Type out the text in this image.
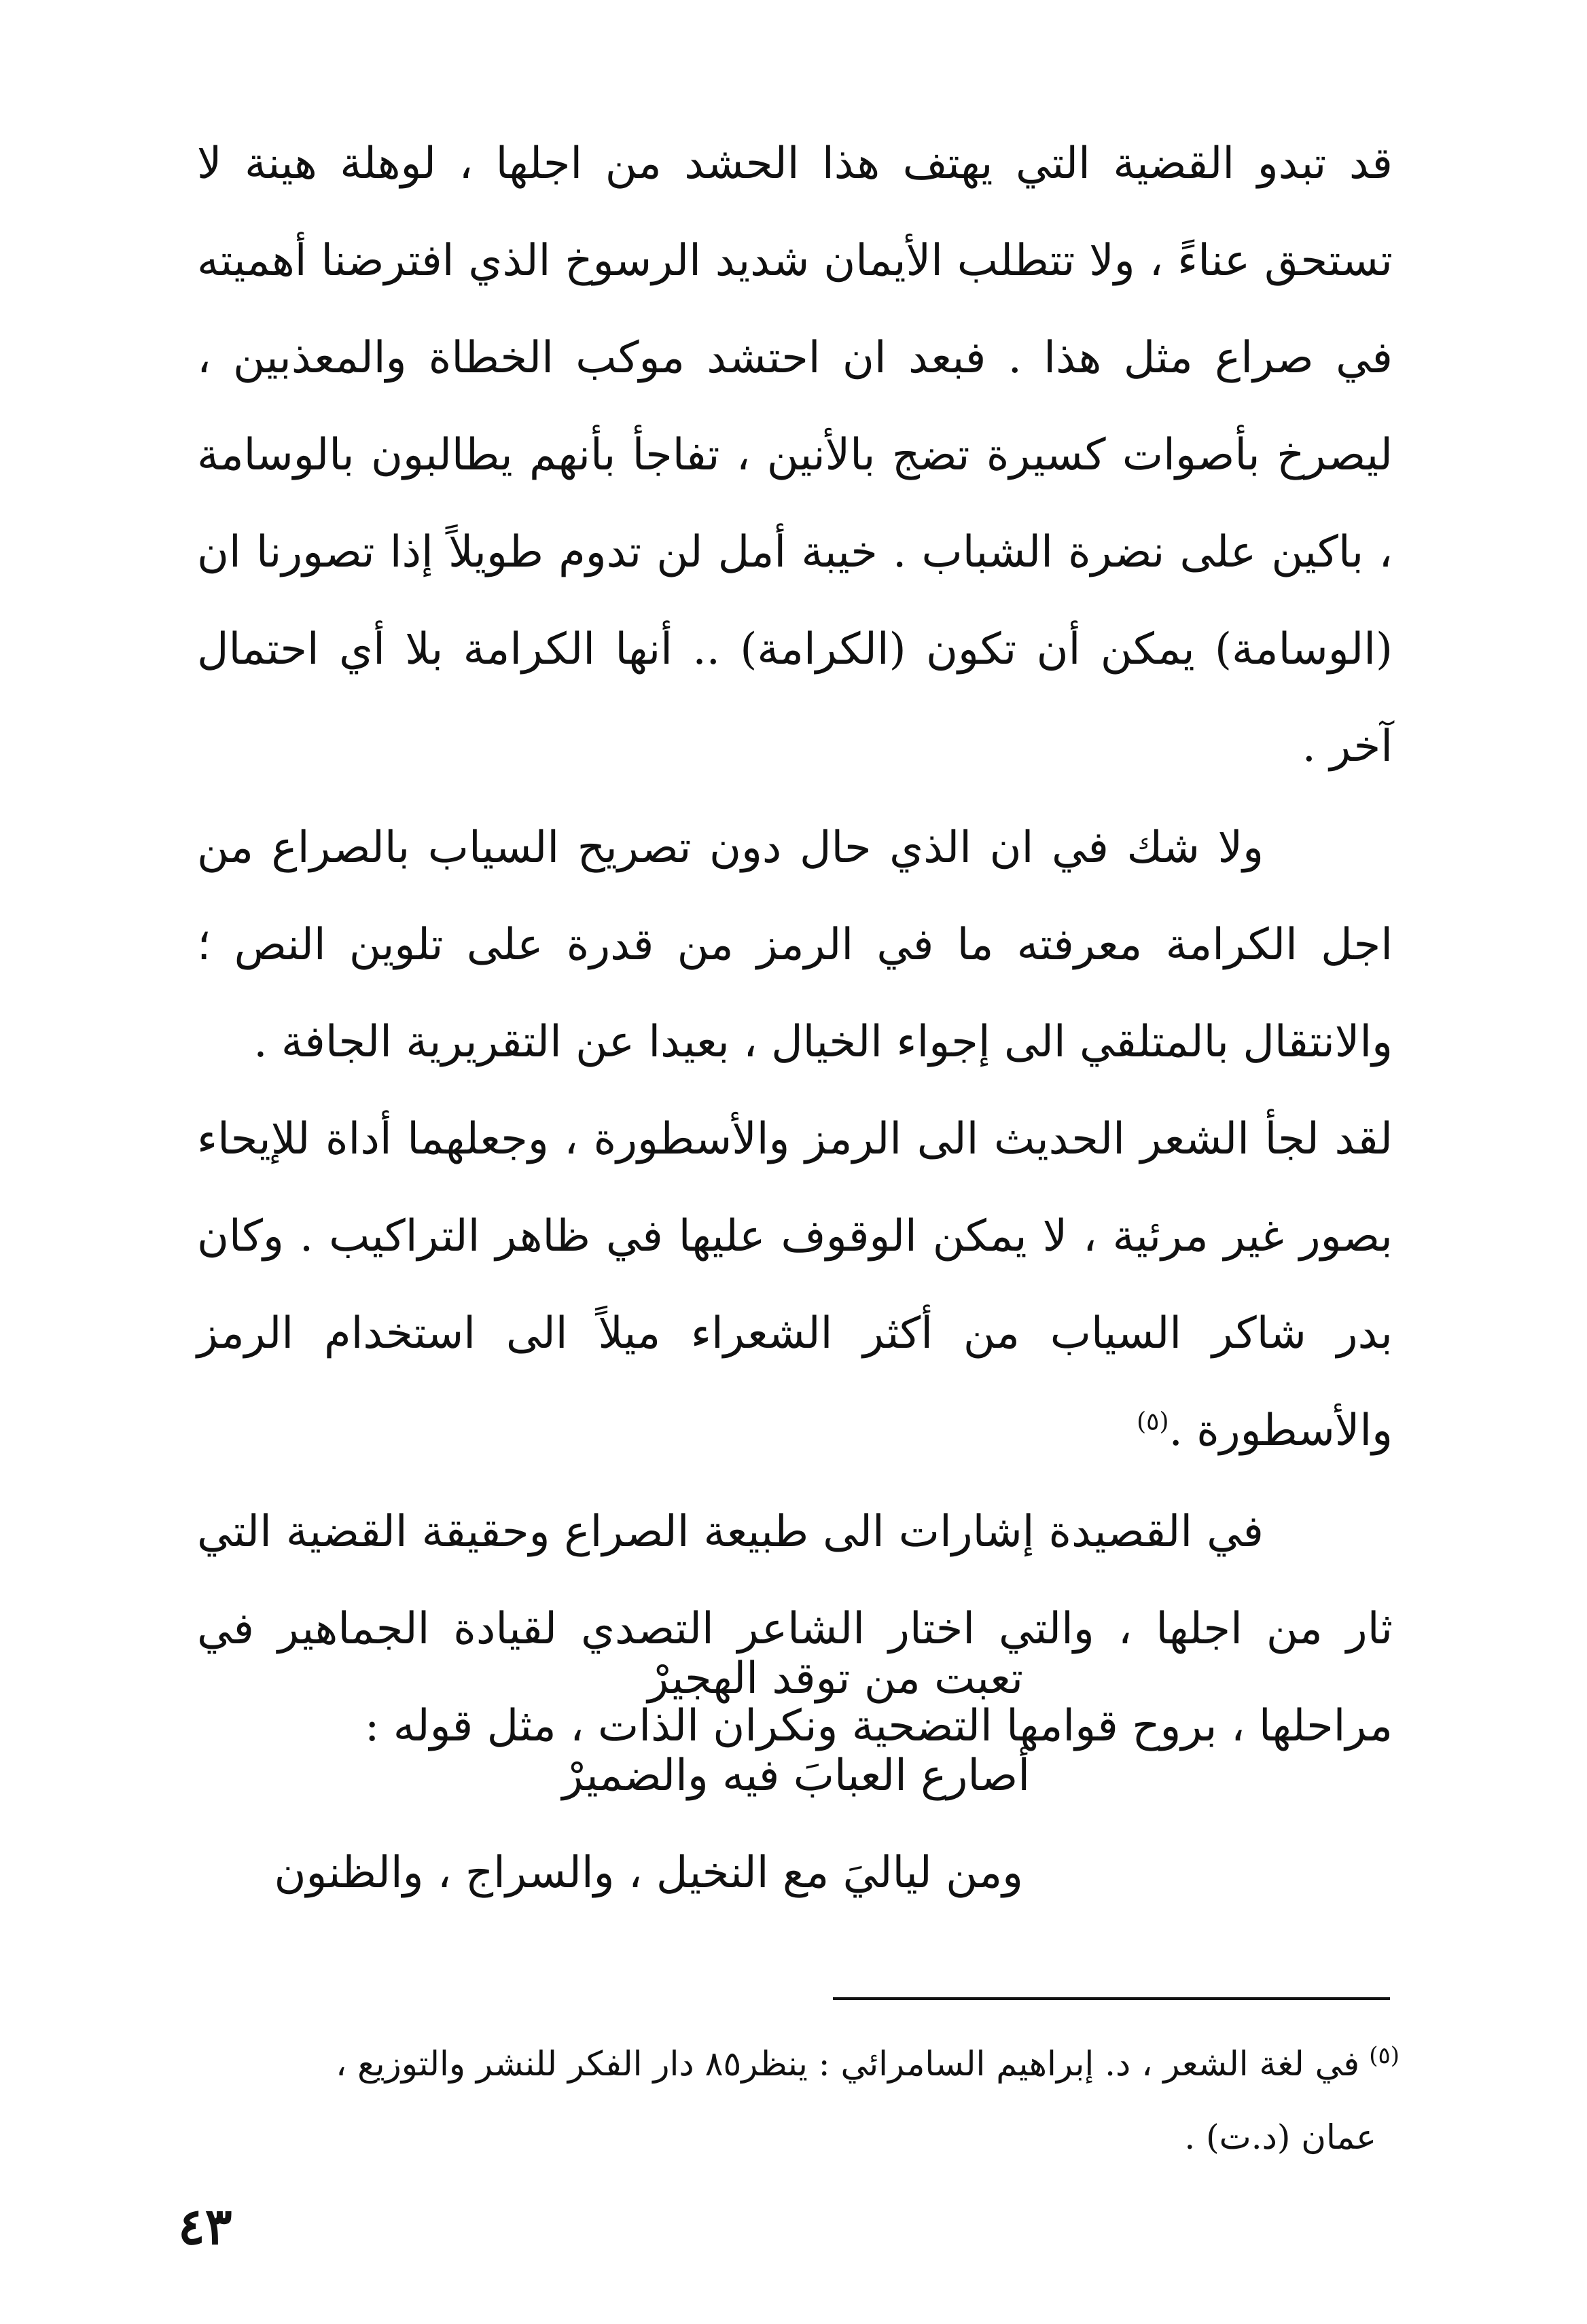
قد تبدو القضية التي يهتف هذا الحشد من اجلها ، لوهلة هينة لا تستحق عناءً ، ولا تتطلب الأيمان شديد الرسوخ الذي افترضنا أهميته في صراع مثل هذا . فبعد ان احتشد موكب الخطاة والمعذبين ، ليصرخ بأصوات كسيرة تضج بالأنين ، تفاجأ بأنهم يطالبون بالوسامة ، باكين على نضرة الشباب . خيبة أمل لن تدوم طويلاً إذا تصورنا ان (الوسامة) يمكن أن تكون (الكرامة) .. أنها الكرامة بلا أي احتمال آخر .

ولا شك في ان الذي حال دون تصريح السياب بالصراع من اجل الكرامة معرفته ما في الرمز من قدرة على تلوين النص ؛ والانتقال بالمتلقي الى إجواء الخيال ، بعيدا عن التقريرية الجافة .

لقد لجأ الشعر الحديث الى الرمز والأسطورة ، وجعلهما أداة للإيحاء بصور غير مرئية ، لا يمكن الوقوف عليها في ظاهر التراكيب . وكان بدر شاكر السياب من أكثر الشعراء ميلاً الى استخدام الرمز والأسطورة .$^{(٥)}$

في القصيدة إشارات الى طبيعة الصراع وحقيقة القضية التي ثار من اجلها ، والتي اختار الشاعر التصدي لقيادة الجماهير في مراحلها ، بروح قوامها التضحية ونكران الذات ، مثل قوله :

تعبت من توقد الهجيرْ
أصارع العبابَ فيه والضميرْ
ومن لياليَ مع النخيل ، والسراج ، والظنون
$^{(٥)}$في لغة الشعر ، د. إبراهيم السامرائي : ينظر٨٥ دار الفكر للنشر والتوزيع ،
عمان (د.ت) .
٤٣
